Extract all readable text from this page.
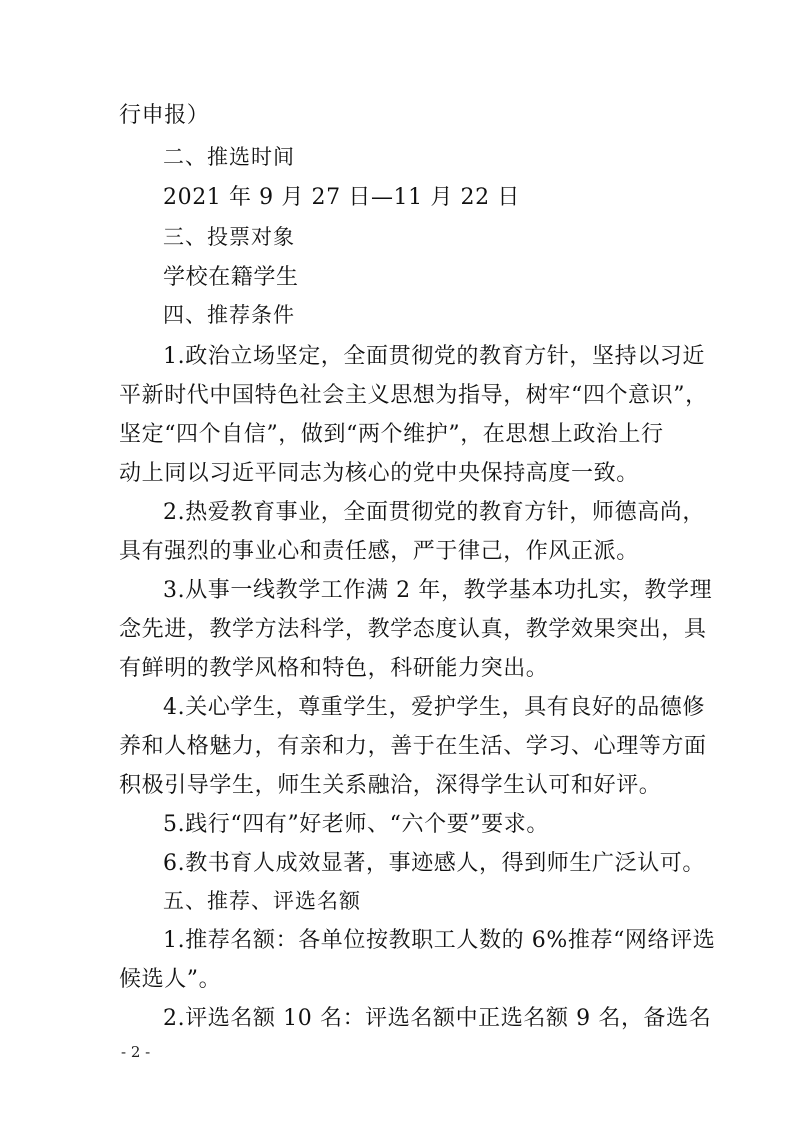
行申报）
二、推选时间
2021 年 9 月 27 日—11 月 22 日
三、投票对象
学校在籍学生
四、推荐条件
1.政治立场坚定，全面贯彻党的教育方针，坚持以习近
平新时代中国特色社会主义思想为指导，树牢“四个意识”，
坚定“四个自信”，做到“两个维护”，在思想上政治上行
动上同以习近平同志为核心的党中央保持高度一致。
2.热爱教育事业，全面贯彻党的教育方针，师德高尚，
具有强烈的事业心和责任感，严于律己，作风正派。
3.从事一线教学工作满 2 年，教学基本功扎实，教学理
念先进，教学方法科学，教学态度认真，教学效果突出，具
有鲜明的教学风格和特色，科研能力突出。
4.关心学生，尊重学生，爱护学生，具有良好的品德修
养和人格魅力，有亲和力，善于在生活、学习、心理等方面
积极引导学生，师生关系融洽，深得学生认可和好评。
5.践行“四有”好老师、“六个要”要求。
6.教书育人成效显著，事迹感人，得到师生广泛认可。
五、推荐、评选名额
1.推荐名额：各单位按教职工人数的 6%推荐“网络评选
候选人”。
2.评选名额 10 名：评选名额中正选名额 9 名，备选名
- 2 -
